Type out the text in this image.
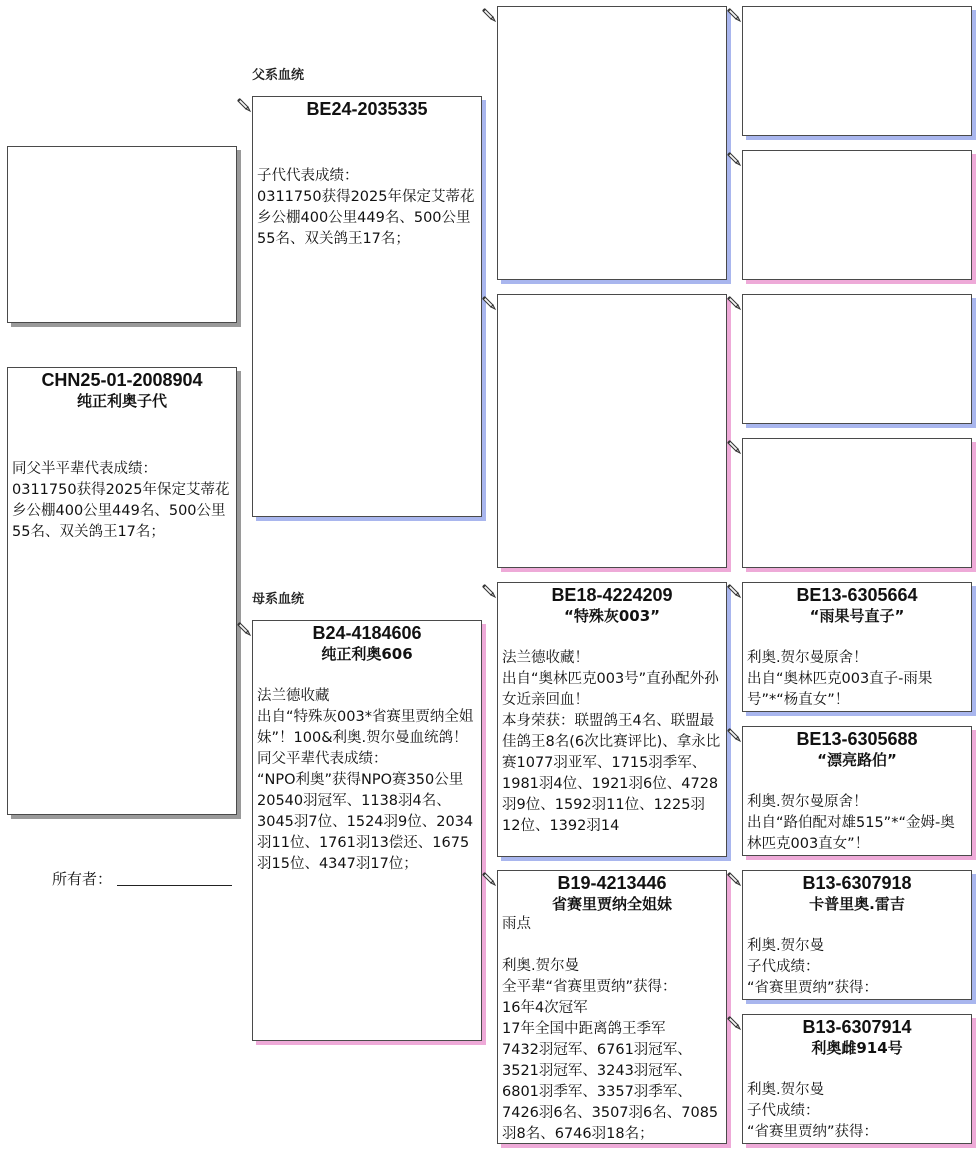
父系血统
母系血统
CHN25-01-2008904
纯正利奥子代
同父半平辈代表成绩：
0311750获得2025年保定艾蒂花乡公棚400公里449名、500公里55名、双关鸽王17名；
所有者：
BE24-2035335
子代代表成绩：
0311750获得2025年保定艾蒂花乡公棚400公里449名、500公里55名、双关鸽王17名；
B24-4184606
纯正利奥606
法兰德收藏
出自“特殊灰003*省赛里贾纳全姐妹”！100&利奥.贺尔曼血统鸽！
同父平辈代表成绩：
“NPO利奥”获得NPO赛350公里20540羽冠军、1138羽4名、3045羽7位、1524羽9位、2034羽11位、1761羽13偿还、1675羽15位、4347羽17位；
BE18-4224209
“特殊灰003”
法兰德收藏！
出自“奥林匹克003号”直孙配外孙女近亲回血！
本身荣获：联盟鸽王4名、联盟最佳鸽王8名(6次比赛评比)、拿永比赛1077羽亚军、1715羽季军、1981羽4位、1921羽6位、4728羽9位、1592羽11位、1225羽12位、1392羽14
B19-4213446
省赛里贾纳全姐妹
雨点

利奥.贺尔曼
全平辈“省赛里贾纳”获得：
16年4次冠军
17年全国中距离鸽王季军
7432羽冠军、6761羽冠军、3521羽冠军、3243羽冠军、6801羽季军、3357羽季军、7426羽6名、3507羽6名、7085羽8名、6746羽18名；
BE13-6305664
“雨果号直子”
利奥.贺尔曼原舍！
出自“奥林匹克003直子-雨果号”*“杨直女”！
BE13-6305688
“漂亮路伯”
利奥.贺尔曼原舍！
出自“路伯配对雄515”*“金姆-奥林匹克003直女”！
B13-6307918
卡普里奥.雷吉
利奥.贺尔曼
子代成绩：
“省赛里贾纳”获得：
B13-6307914
利奥雌914号
利奥.贺尔曼
子代成绩：
“省赛里贾纳”获得：
